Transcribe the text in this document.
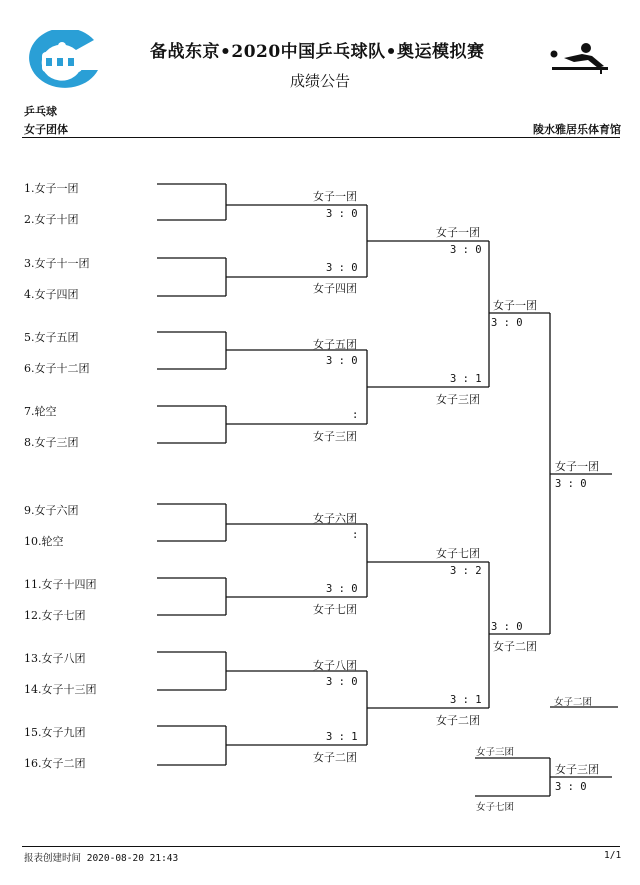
备战东京•2020中国乒乓球队•奥运模拟赛
成绩公告
乒乓球
女子团体	陵水雅居乐体育馆
1.女子一团
2.女子十团
3.女子十一团
4.女子四团
5.女子五团
6.女子十二团
7.轮空
8.女子三团
9.女子六团
10.轮空
11.女子十四团
12.女子七团
13.女子八团
14.女子十三团
15.女子九团
16.女子二团
女子一团
3 : 0
3 : 0
女子四团
女子五团
3 : 0
:
女子三团
女子六团
:
3 : 0
女子七团
女子八团
3 : 0
3 : 1
女子二团
女子一团
3 : 0
3 : 1
女子三团
女子七团
3 : 2
3 : 1
女子二团
女子一团
3 : 0
3 : 0
女子二团
女子一团
3 : 0
女子二团
女子三团
女子七团
女子三团
3 : 0
报表创建时间 2020-08-20 21:43	1/1
